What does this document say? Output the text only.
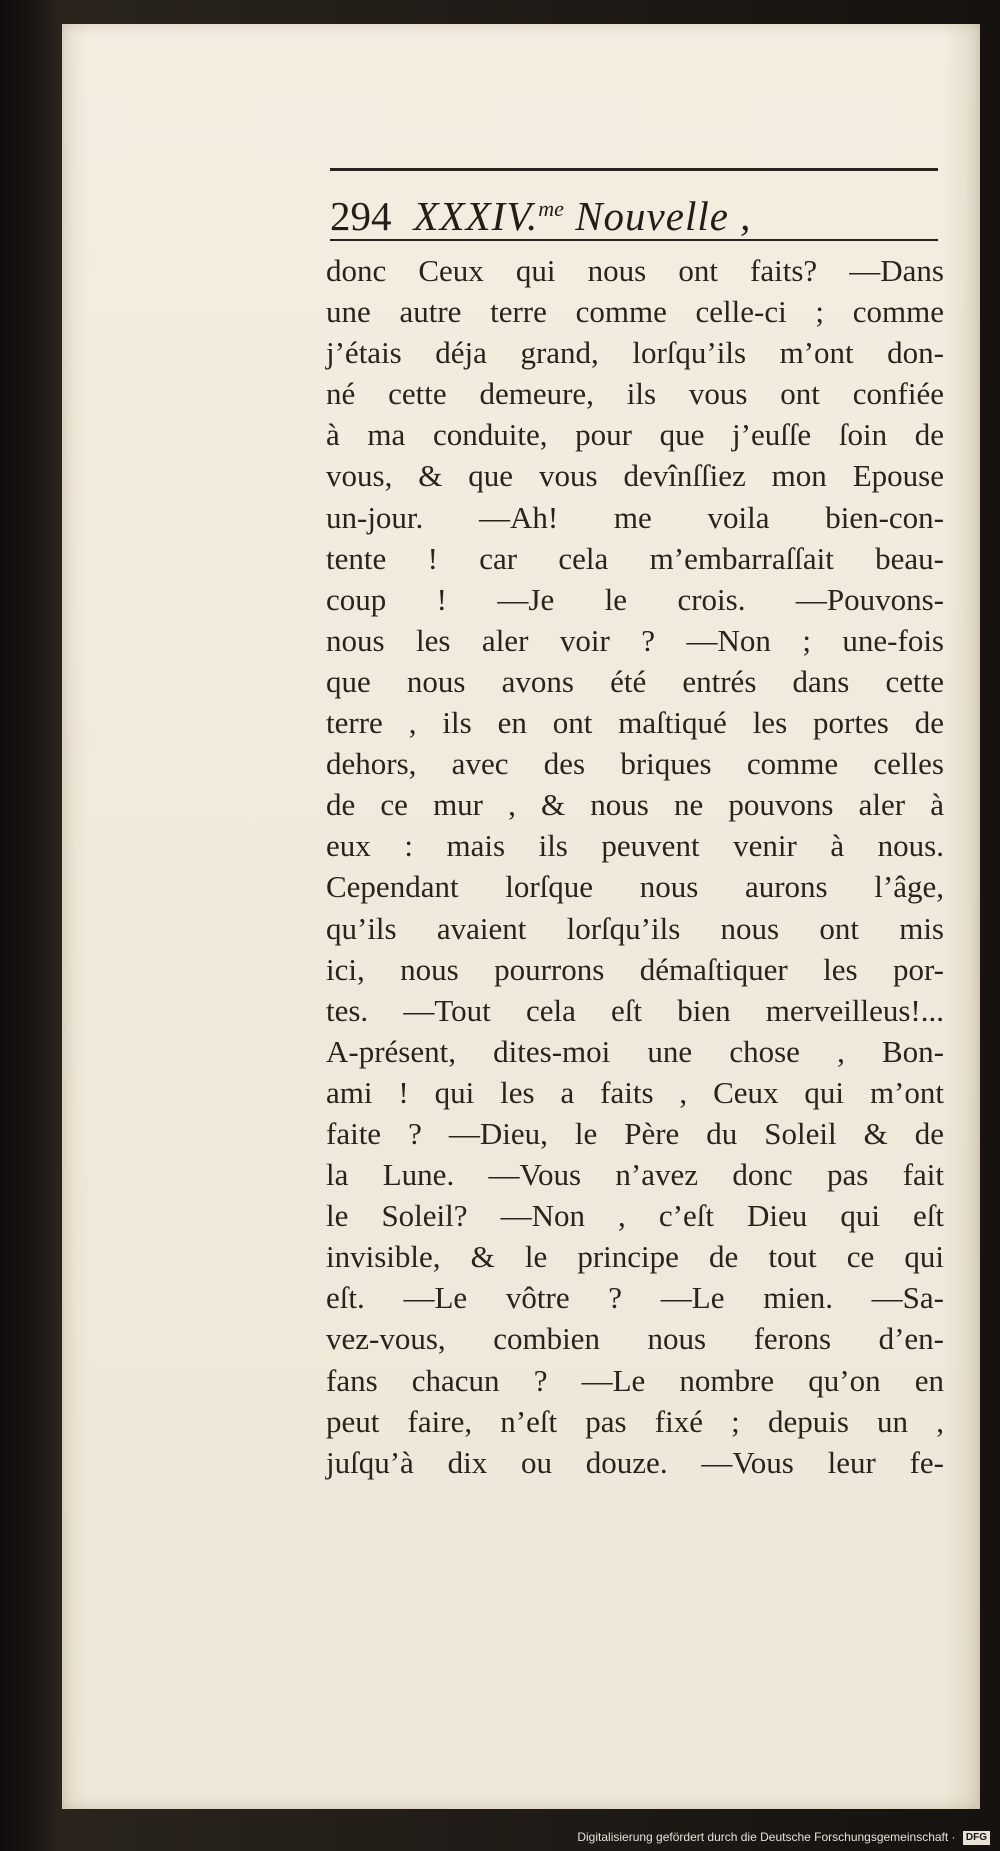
294 XXXIV.$^{me}$ Nouvelle ,
donc Ceux qui nous ont faits? —Dans
une autre terre comme celle-ci ; comme
j’étais déja grand, lorſqu’ils m’ont don-
né cette demeure, ils vous ont confiée
à ma conduite, pour que j’euſſe ſoin de
vous, & que vous devînſſiez mon Epouse
un-jour. —Ah! me voila bien-con-
tente ! car cela m’embarraſſait beau-
coup ! —Je le crois. —Pouvons-
nous les aler voir ? —Non ; une-fois
que nous avons été entrés dans cette
terre , ils en ont maſtiqué les portes de
dehors, avec des briques comme celles
de ce mur , & nous ne pouvons aler à
eux : mais ils peuvent venir à nous.
Cependant lorſque nous aurons l’âge,
qu’ils avaient lorſqu’ils nous ont mis
ici, nous pourrons démaſtiquer les por-
tes. —Tout cela eſt bien merveilleus!...
A-présent, dites-moi une chose , Bon-
ami ! qui les a faits , Ceux qui m’ont
faite ? —Dieu, le Père du Soleil & de
la Lune. —Vous n’avez donc pas fait
le Soleil? —Non , c’eſt Dieu qui eſt
invisible, & le principe de tout ce qui
eſt. —Le vôtre ? —Le mien. —Sa-
vez-vous, combien nous ferons d’en-
fans chacun ? —Le nombre qu’on en
peut faire, n’eſt pas fixé ; depuis un ,
juſqu’à dix ou douze. —Vous leur fe-
Digitalisierung gefördert durch die Deutsche Forschungsgemeinschaft · DFG
